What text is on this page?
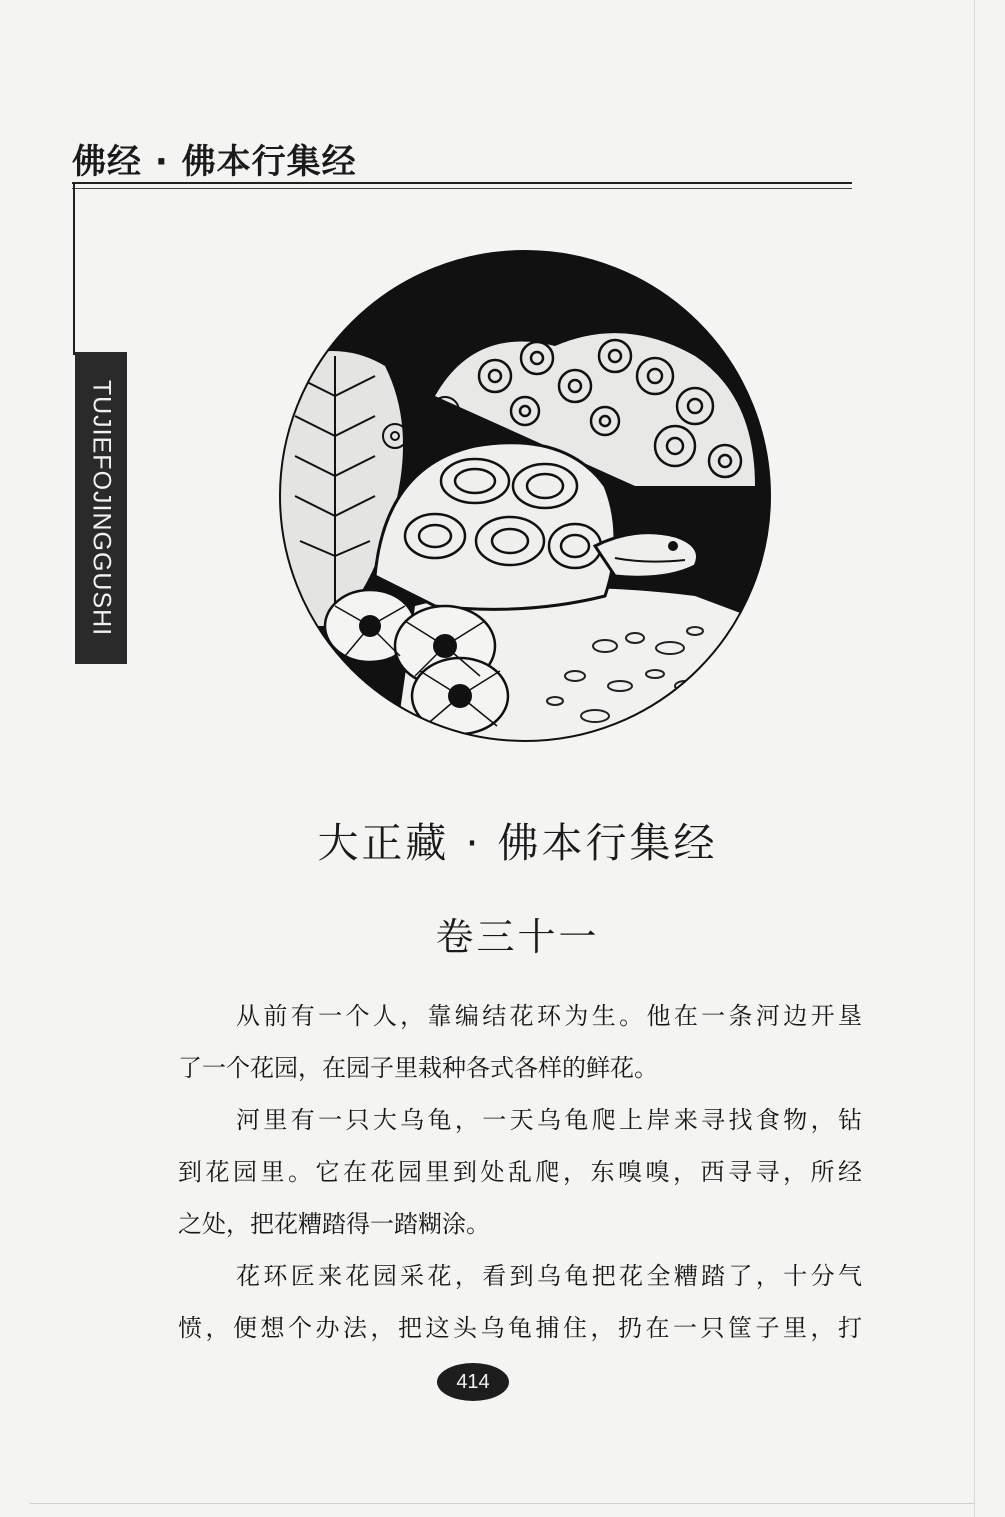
佛经 · 佛本行集经
TUJIEFOJINGGUSHI
大正藏 · 佛本行集经
卷三十一
从前有一个人，靠编结花环为生。他在一条河边开垦
了一个花园，在园子里栽种各式各样的鲜花。
河里有一只大乌龟，一天乌龟爬上岸来寻找食物，钻
到花园里。它在花园里到处乱爬，东嗅嗅，西寻寻，所经
之处，把花糟踏得一踏糊涂。
花环匠来花园采花，看到乌龟把花全糟踏了，十分气
愤，便想个办法，把这头乌龟捕住，扔在一只筐子里，打
414
